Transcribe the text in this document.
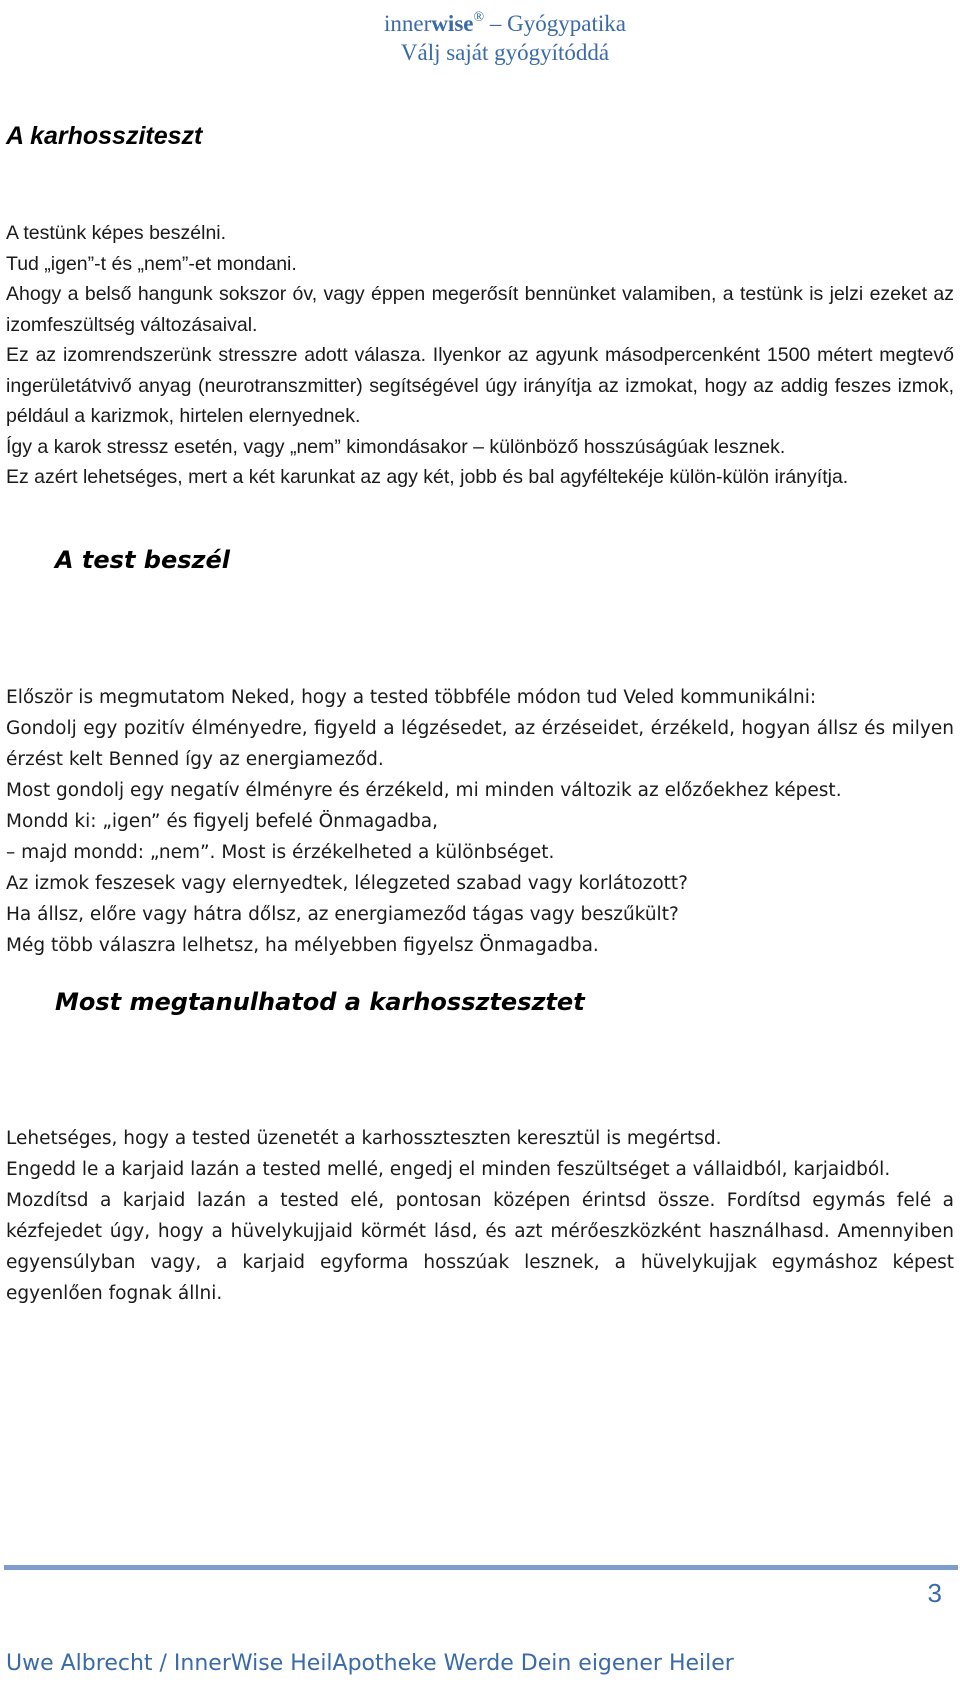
innerwise® – Gyógypatika
Válj saját gyógyítóddá
A karhossziteszt

A testünk képes beszélni.

Tud „igen”-t és „nem”-et mondani.

Ahogy a belső hangunk sokszor óv, vagy éppen megerősít bennünket valamiben, a testünk is jelzi ezeket az izomfeszültség változásaival.

Ez az izomrendszerünk stresszre adott válasza. Ilyenkor az agyunk másodpercenként 1500 métert megtevő ingerületátvivő anyag (neurotranszmitter) segítségével úgy irányítja az izmokat, hogy az addig feszes izmok, például a karizmok, hirtelen elernyednek.

Így a karok stressz esetén, vagy „nem” kimondásakor – különböző hosszúságúak lesznek.

Ez azért lehetséges, mert a két karunkat az agy két, jobb és bal agyféltekéje külön-külön irányítja.

A test beszél

Először is megmutatom Neked, hogy a tested többféle módon tud Veled kommunikálni:

Gondolj egy pozitív élményedre, figyeld a légzésedet, az érzéseidet, érzékeld, hogyan állsz és milyen érzést kelt Benned így az energiameződ.

Most gondolj egy negatív élményre és érzékeld, mi minden változik az előzőekhez képest.

Mondd ki: „igen” és figyelj befelé Önmagadba,

– majd mondd: „nem”. Most is érzékelheted a különbséget.

Az izmok feszesek vagy elernyedtek, lélegzeted szabad vagy korlátozott?

Ha állsz, előre vagy hátra dőlsz, az energiameződ tágas vagy beszűkült?

Még több válaszra lelhetsz, ha mélyebben figyelsz Önmagadba.

Most megtanulhatod a karhossztesztet

Lehetséges, hogy a tested üzenetét a karhosszteszten keresztül is megértsd.

Engedd le a karjaid lazán a tested mellé, engedj el minden feszültséget a vállaidból, karjaidból.

Mozdítsd a karjaid lazán a tested elé, pontosan középen érintsd össze. Fordítsd egymás felé a kézfejedet úgy, hogy a hüvelykujjaid körmét lásd, és azt mérőeszközként használhasd. Amennyiben egyensúlyban vagy, a karjaid egyforma hosszúak lesznek, a hüvelykujjak egymáshoz képest egyenlően fognak állni.

3
Uwe Albrecht / InnerWise HeilApotheke Werde Dein eigener Heiler
